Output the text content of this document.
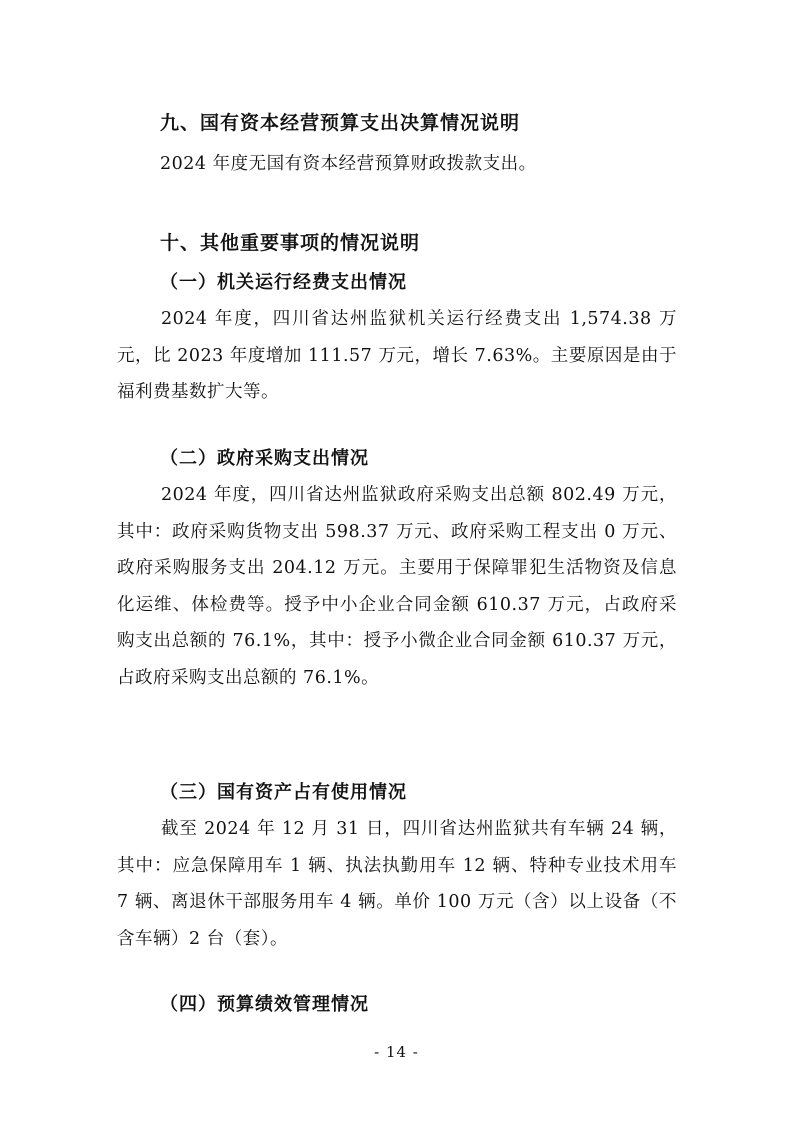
九、国有资本经营预算支出决算情况说明
2024 年度无国有资本经营预算财政拨款支出。
十、其他重要事项的情况说明
（一）机关运行经费支出情况

2024 年度，四川省达州监狱机关运行经费支出 1,574.38 万元，比 2023 年度增加 111.57 万元，增长 7.63%。主要原因是由于福利费基数扩大等。

（二）政府采购支出情况

2024 年度，四川省达州监狱政府采购支出总额 802.49 万元，其中：政府采购货物支出 598.37 万元、政府采购工程支出 0 万元、政府采购服务支出 204.12 万元。主要用于保障罪犯生活物资及信息化运维、体检费等。授予中小企业合同金额 610.37 万元，占政府采购支出总额的 76.1%，其中：授予小微企业合同金额 610.37 万元，占政府采购支出总额的 76.1%。

（三）国有资产占有使用情况

截至 2024 年 12 月 31 日，四川省达州监狱共有车辆 24 辆，其中：应急保障用车 1 辆、执法执勤用车 12 辆、特种专业技术用车 7 辆、离退休干部服务用车 4 辆。单价 100 万元（含）以上设备（不含车辆）2 台（套）。

（四）预算绩效管理情况
- 14 -
